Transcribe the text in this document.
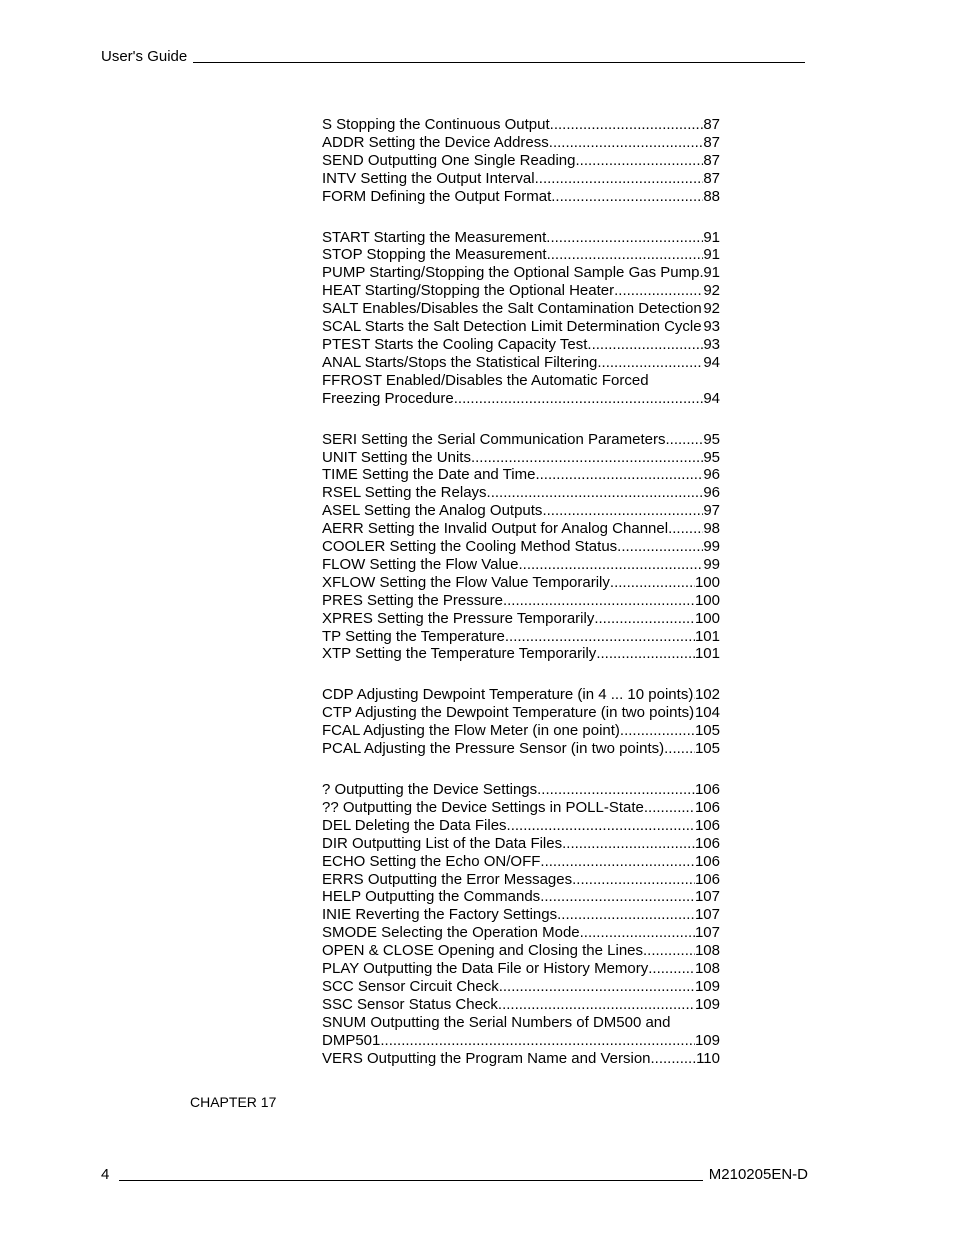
User's Guide
S Stopping the Continuous Output .....	87
ADDR Setting the Device Address .....	87
SEND Outputting One Single Reading .....	87
INTV Setting the Output Interval .....	87
FORM Defining the Output Format .....	88
START Starting the Measurement .....	91
STOP Stopping the Measurement .....	91
PUMP Starting/Stopping the Optional Sample Gas Pump ..... 91
HEAT Starting/Stopping the Optional Heater .....	92
SALT Enables/Disables the Salt Contamination Detection ..... 92
SCAL Starts the Salt Detection Limit Determination Cycle ..... 93
PTEST Starts the Cooling Capacity Test .....	93
ANAL Starts/Stops the Statistical Filtering .....	94
FFROST Enabled/Disables the Automatic Forced
Freezing Procedure .....	94
SERI Setting the Serial Communication Parameters .....	95
UNIT Setting the Units .....	95
TIME Setting the Date and Time .....	96
RSEL Setting the Relays .....	96
ASEL Setting the Analog Outputs .....	97
AERR Setting the Invalid Output for Analog Channel ..... 98
COOLER Setting the Cooling Method Status .....	99
FLOW Setting the Flow Value .....	99
XFLOW Setting the Flow Value Temporarily .....	100
PRES Setting the Pressure .....	100
XPRES Setting the Pressure Temporarily .....	100
TP Setting the Temperature .....	101
XTP Setting the Temperature Temporarily .....	101
CDP Adjusting Dewpoint Temperature (in 4 ... 10 points) ..... 102
CTP Adjusting the Dewpoint Temperature (in two points) ..... 104
FCAL Adjusting the Flow Meter (in one point) .....	105
PCAL Adjusting the Pressure Sensor (in two points) ..... 105
? Outputting the Device Settings .....	106
?? Outputting the Device Settings in POLL-State .....	106
DEL Deleting the Data Files .....	106
DIR Outputting List of the Data Files .....	106
ECHO Setting the Echo ON/OFF .....	106
ERRS Outputting the Error Messages .....	106
HELP Outputting the Commands .....	107
INIE Reverting the Factory Settings .....	107
SMODE Selecting the Operation Mode .....	107
OPEN & CLOSE Opening and Closing the Lines .....	108
PLAY Outputting the Data File or History Memory .....	108
SCC Sensor Circuit Check .....	109
SSC Sensor Status Check .....	109
SNUM Outputting the Serial Numbers of DM500 and
DMP501 .....	109
VERS Outputting the Program Name and Version .....	110
CHAPTER 17
4	M210205EN-D
